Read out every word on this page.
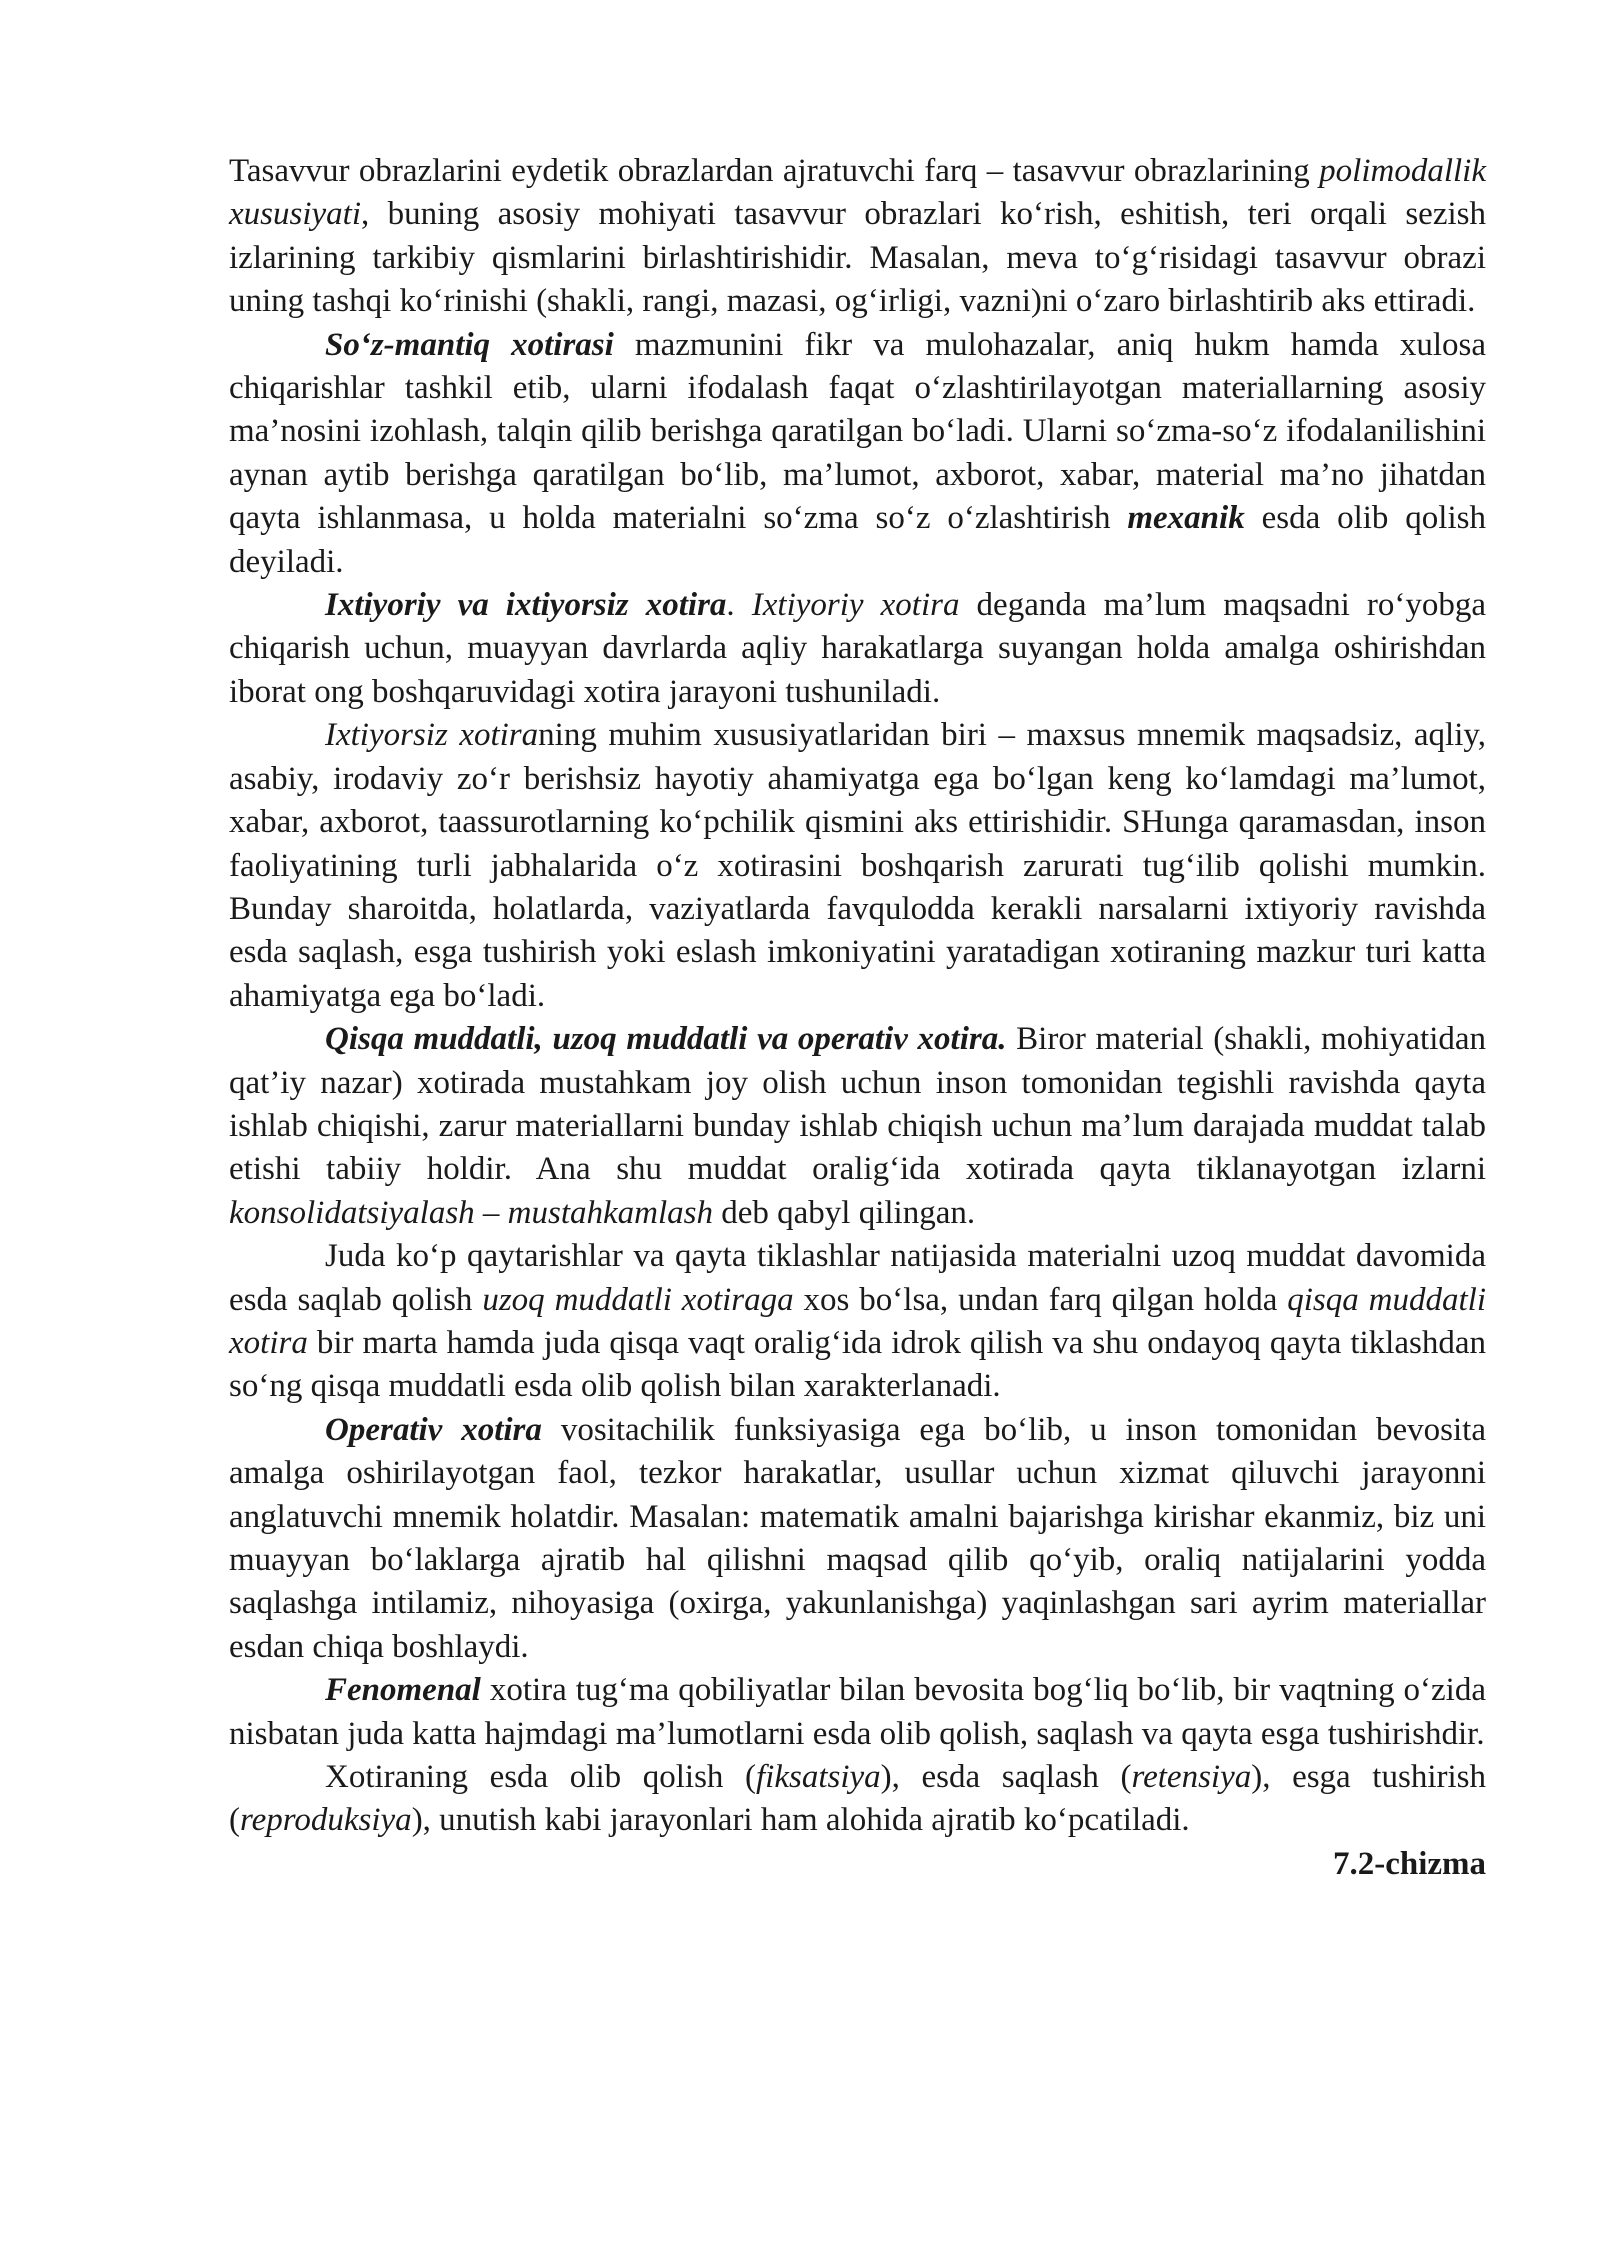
Tasavvur obrazlarini eydetik obrazlardan ajratuvchi farq – tasavvur obrazlarining polimodallik xususiyati, buning asosiy mohiyati tasavvur obrazlari ko‘rish, eshitish, teri orqali sezish izlarining tarkibiy qismlarini birlashtirishidir. Masalan, meva to‘g‘risidagi tasavvur obrazi uning tashqi ko‘rinishi (shakli, rangi, mazasi, og‘irligi, vazni)ni o‘zaro birlashtirib aks ettiradi.

So‘z-mantiq xotirasi mazmunini fikr va mulohazalar, aniq hukm hamda xulosa chiqarishlar tashkil etib, ularni ifodalash faqat o‘zlashtirilayotgan materiallarning asosiy ma’nosini izohlash, talqin qilib berishga qaratilgan bo‘ladi. Ularni so‘zma-so‘z ifodalanilishini aynan aytib berishga qaratilgan bo‘lib, ma’lumot, axborot, xabar, material ma’no jihatdan qayta ishlanmasa, u holda materialni so‘zma so‘z o‘zlashtirish mexanik esda olib qolish deyiladi.

Ixtiyoriy va ixtiyorsiz xotira. Ixtiyoriy xotira deganda ma’lum maqsadni ro‘yobga chiqarish uchun, muayyan davrlarda aqliy harakatlarga suyangan holda amalga oshirishdan iborat ong boshqaruvidagi xotira jarayoni tushuniladi.

Ixtiyorsiz xotiraning muhim xususiyatlaridan biri – maxsus mnemik maqsadsiz, aqliy, asabiy, irodaviy zo‘r berishsiz hayotiy ahamiyatga ega bo‘lgan keng ko‘lamdagi ma’lumot, xabar, axborot, taassurotlarning ko‘pchilik qismini aks ettirishidir. SHunga qaramasdan, inson faoliyatining turli jabhalarida o‘z xotirasini boshqarish zarurati tug‘ilib qolishi mumkin. Bunday sharoitda, holatlarda, vaziyatlarda favqulodda kerakli narsalarni ixtiyoriy ravishda esda saqlash, esga tushirish yoki eslash imkoniyatini yaratadigan xotiraning mazkur turi katta ahamiyatga ega bo‘ladi.

Qisqa muddatli, uzoq muddatli va operativ xotira. Biror material (shakli, mohiyatidan qat’iy nazar) xotirada mustahkam joy olish uchun inson tomonidan tegishli ravishda qayta ishlab chiqishi, zarur materiallarni bunday ishlab chiqish uchun ma’lum darajada muddat talab etishi tabiiy holdir. Ana shu muddat oralig‘ida xotirada qayta tiklanayotgan izlarni konsolidatsiyalash – mustahkamlash deb qabyl qilingan.

Juda ko‘p qaytarishlar va qayta tiklashlar natijasida materialni uzoq muddat davomida esda saqlab qolish uzoq muddatli xotiraga xos bo‘lsa, undan farq qilgan holda qisqa muddatli xotira bir marta hamda juda qisqa vaqt oralig‘ida idrok qilish va shu ondayoq qayta tiklashdan so‘ng qisqa muddatli esda olib qolish bilan xarakterlanadi.

Operativ xotira vositachilik funksiyasiga ega bo‘lib, u inson tomonidan bevosita amalga oshirilayotgan faol, tezkor harakatlar, usullar uchun xizmat qiluvchi jarayonni anglatuvchi mnemik holatdir. Masalan: matematik amalni bajarishga kirishar ekanmiz, biz uni muayyan bo‘laklarga ajratib hal qilishni maqsad qilib qo‘yib, oraliq natijalarini yodda saqlashga intilamiz, nihoyasiga (oxirga, yakunlanishga) yaqinlashgan sari ayrim materiallar esdan chiqa boshlaydi.

Fenomenal xotira tug‘ma qobiliyatlar bilan bevosita bog‘liq bo‘lib, bir vaqtning o‘zida nisbatan juda katta hajmdagi ma’lumotlarni esda olib qolish, saqlash va qayta esga tushirishdir.

Xotiraning esda olib qolish (fiksatsiya), esda saqlash (retensiya), esga tushirish (reproduksiya), unutish kabi jarayonlari ham alohida ajratib ko‘pcatiladi.

7.2-chizma
